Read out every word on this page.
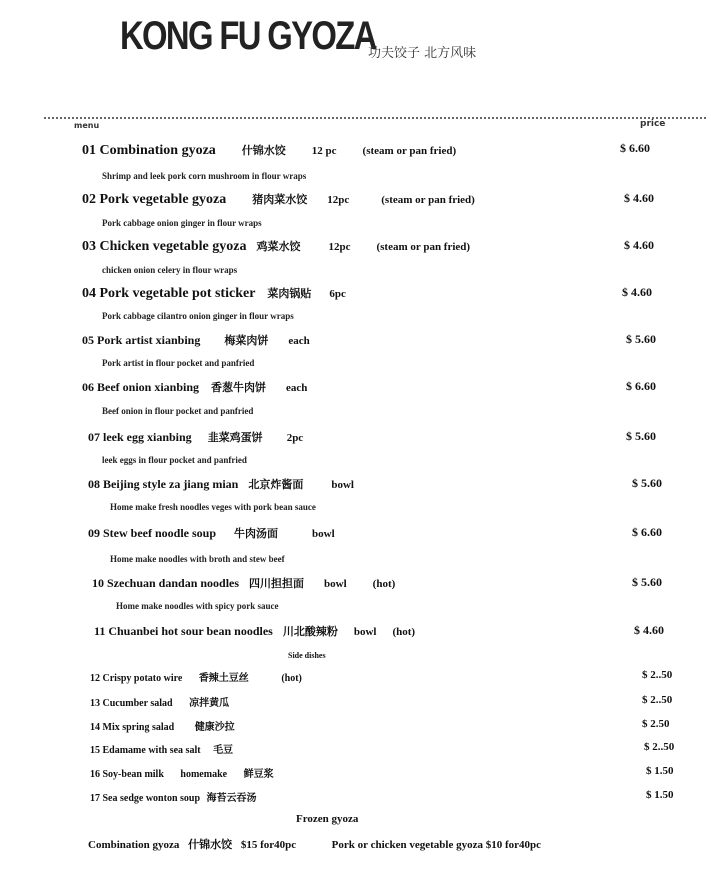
KONG FU GYOZA
功夫饺子 北方风味
menu	price
01 Combination gyoza 什锦水饺 12 pc (steam or pan fried)	$ 6.60
Shrimp and leek pork corn mushroom in flour wraps
02 Pork vegetable gyoza 猪肉菜水饺 12pc	(steam or pan fried)	$ 4.60
Pork cabbage onion ginger in flour wraps
03 Chicken vegetable gyoza 鸡菜水饺	12pc (steam or pan fried)	$ 4.60
chicken onion celery in flour wraps
04 Pork vegetable pot sticker 菜肉锅贴 6pc	$ 4.60
Pork cabbage cilantro onion ginger in flour wraps
05 Pork artist xianbing 梅菜肉饼 each	$ 5.60
Pork artist in flour pocket and panfried
06 Beef onion xianbing 香葱牛肉饼 each	$ 6.60
Beef onion in flour pocket and panfried
07 leek egg xianbing 韭菜鸡蛋饼 2pc	$ 5.60
leek eggs in flour pocket and panfried
08 Beijing style za jiang mian 北京炸酱面	bowl	$ 5.60
Home make fresh noodles veges with pork bean sauce
09 Stew beef noodle soup 牛肉汤面	bowl	$ 6.60
Home make noodles with broth and stew beef
10 Szechuan dandan noodles 四川担担面 bowl (hot)	$ 5.60
Home make noodles with spicy pork sauce
11 Chuanbei hot sour bean noodles 川北酸辣粉 bowl (hot)	$ 4.60
Side dishes
12 Crispy potato wire 香辣土豆丝	(hot)	$ 2..50
13 Cucumber salad 凉拌黄瓜	$ 2..50
14 Mix spring salad 健康沙拉	$ 2.50
15 Edamame with sea salt 毛豆	$ 2..50
16 Soy-bean milk homemake 鲜豆浆	$ 1.50
17 Sea sedge wonton soup 海苔云吞汤	$ 1.50
Frozen gyoza
Combination gyoza 什锦水饺 $15 for40pc	Pork or chicken vegetable gyoza $10 for40pc
